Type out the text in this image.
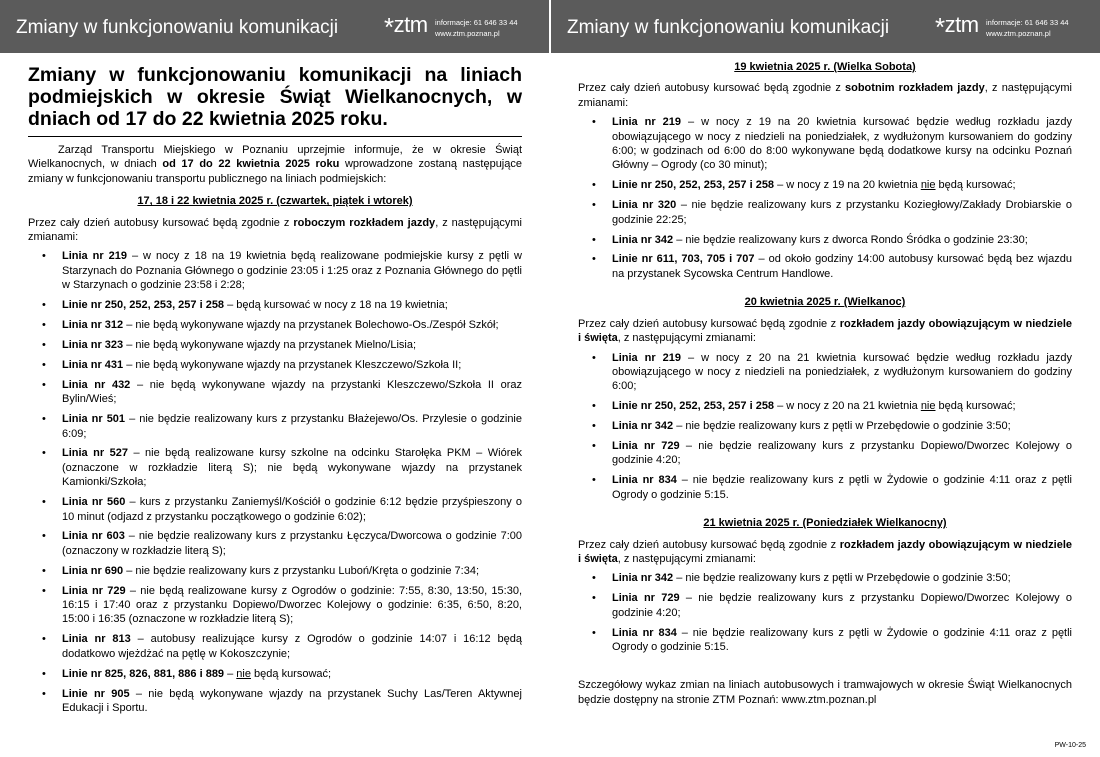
Zmiany w funkcjonowaniu komunikacji *ztm informacje: 61 646 33 44
www.ztm.poznan.pl
Zmiany w funkcjonowaniu komunikacji na liniach podmiejskich w okresie Świąt Wielkanocnych, w dniach od 17 do 22 kwietnia 2025 roku.

Zarząd Transportu Miejskiego w Poznaniu uprzejmie informuje, że w okresie Świąt Wielkanocnych, w dniach od 17 do 22 kwietnia 2025 roku wprowadzone zostaną następujące zmiany w funkcjonowaniu transportu publicznego na liniach podmiejskich:

17, 18 i 22 kwietnia 2025 r. (czwartek, piątek i wtorek)

Przez cały dzień autobusy kursować będą zgodnie z roboczym rozkładem jazdy, z następującymi zmianami:

• Linia nr 219 – w nocy z 18 na 19 kwietnia będą realizowane podmiejskie kursy z pętli w Starzynach do Poznania Głównego o godzinie 23:05 i 1:25 oraz z Poznania Głównego do pętli w Starzynach o godzinie 23:58 i 2:28;
• Linie nr 250, 252, 253, 257 i 258 – będą kursować w nocy z 18 na 19 kwietnia;
• Linia nr 312 – nie będą wykonywane wjazdy na przystanek Bolechowo-Os./Zespół Szkół;
• Linia nr 323 – nie będą wykonywane wjazdy na przystanek Mielno/Lisia;
• Linia nr 431 – nie będą wykonywane wjazdy na przystanek Kleszczewo/Szkoła II;
• Linia nr 432 – nie będą wykonywane wjazdy na przystanki Kleszczewo/Szkoła II oraz Bylin/Wieś;
• Linia nr 501 – nie będzie realizowany kurs z przystanku Błażejewo/Os. Przylesie o godzinie 6:09;
• Linia nr 527 – nie będą realizowane kursy szkolne na odcinku Starołęka PKM – Wiórek (oznaczone w rozkładzie literą S); nie będą wykonywane wjazdy na przystanek Kamionki/Szkoła;
• Linia nr 560 – kurs z przystanku Zaniemyśl/Kościół o godzinie 6:12 będzie przyśpieszony o 10 minut (odjazd z przystanku początkowego o godzinie 6:02);
• Linia nr 603 – nie będzie realizowany kurs z przystanku Łęczyca/Dworcowa o godzinie 7:00 (oznaczony w rozkładzie literą S);
• Linia nr 690 – nie będzie realizowany kurs z przystanku Luboń/Kręta o godzinie 7:34;
• Linia nr 729 – nie będą realizowane kursy z Ogrodów o godzinie: 7:55, 8:30, 13:50, 15:30, 16:15 i 17:40 oraz z przystanku Dopiewo/Dworzec Kolejowy o godzinie: 6:35, 6:50, 8:20, 15:00 i 16:35 (oznaczone w rozkładzie literą S);
• Linia nr 813 – autobusy realizujące kursy z Ogrodów o godzinie 14:07 i 16:12 będą dodatkowo wjeżdżać na pętlę w Kokoszczynie;
• Linie nr 825, 826, 881, 886 i 889 – nie będą kursować;
• Linie nr 905 – nie będą wykonywane wjazdy na przystanek Suchy Las/Teren Aktywnej Edukacji i Sportu.
Zmiany w funkcjonowaniu komunikacji *ztm informacje: 61 646 33 44
www.ztm.poznan.pl
19 kwietnia 2025 r. (Wielka Sobota)

Przez cały dzień autobusy kursować będą zgodnie z sobotnim rozkładem jazdy, z następującymi zmianami:

• Linia nr 219 – w nocy z 19 na 20 kwietnia kursować będzie według rozkładu jazdy obowiązującego w nocy z niedzieli na poniedziałek, z wydłużonym kursowaniem do godziny 6:00; w godzinach od 6:00 do 8:00 wykonywane będą dodatkowe kursy na odcinku Poznań Główny – Ogrody (co 30 minut);
• Linie nr 250, 252, 253, 257 i 258 – w nocy z 19 na 20 kwietnia nie będą kursować;
• Linia nr 320 – nie będzie realizowany kurs z przystanku Koziegłowy/Zakłady Drobiarskie o godzinie 22:25;
• Linia nr 342 – nie będzie realizowany kurs z dworca Rondo Śródka o godzinie 23:30;
• Linie nr 611, 703, 705 i 707 – od około godziny 14:00 autobusy kursować będą bez wjazdu na przystanek Sycowska Centrum Handlowe.
20 kwietnia 2025 r. (Wielkanoc)

Przez cały dzień autobusy kursować będą zgodnie z rozkładem jazdy obowiązującym w niedziele i święta, z następującymi zmianami:

• Linia nr 219 – w nocy z 20 na 21 kwietnia kursować będzie według rozkładu jazdy obowiązującego w nocy z niedzieli na poniedziałek, z wydłużonym kursowaniem do godziny 6:00;
• Linie nr 250, 252, 253, 257 i 258 – w nocy z 20 na 21 kwietnia nie będą kursować;
• Linia nr 342 – nie będzie realizowany kurs z pętli w Przebędowie o godzinie 3:50;
• Linia nr 729 – nie będzie realizowany kurs z przystanku Dopiewo/Dworzec Kolejowy o godzinie 4:20;
• Linia nr 834 – nie będzie realizowany kurs z pętli w Żydowie o godzinie 4:11 oraz z pętli Ogrody o godzinie 5:15.
21 kwietnia 2025 r. (Poniedziałek Wielkanocny)

Przez cały dzień autobusy kursować będą zgodnie z rozkładem jazdy obowiązującym w niedziele i święta, z następującymi zmianami:

• Linia nr 342 – nie będzie realizowany kurs z pętli w Przebędowie o godzinie 3:50;
• Linia nr 729 – nie będzie realizowany kurs z przystanku Dopiewo/Dworzec Kolejowy o godzinie 4:20;
• Linia nr 834 – nie będzie realizowany kurs z pętli w Żydowie o godzinie 4:11 oraz z pętli Ogrody o godzinie 5:15.

Szczegółowy wykaz zmian na liniach autobusowych i tramwajowych w okresie Świąt Wielkanocnych będzie dostępny na stronie ZTM Poznań: www.ztm.poznan.pl

PW-10-25
